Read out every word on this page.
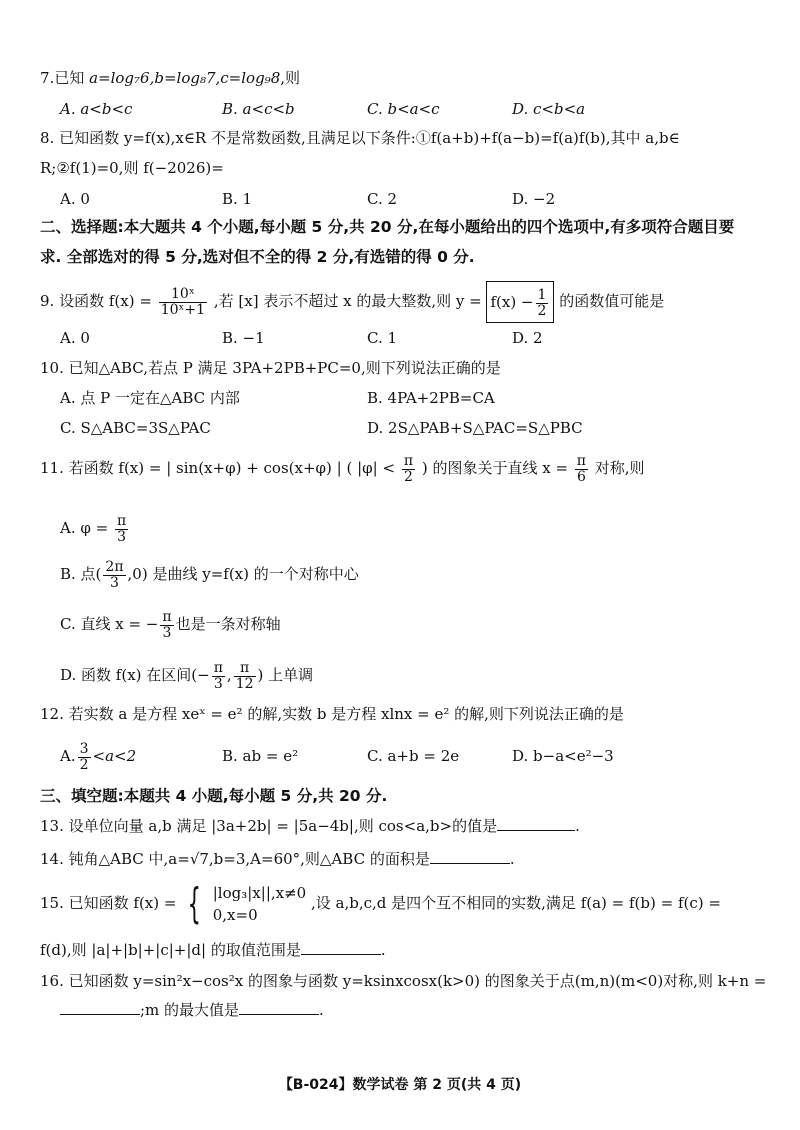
7.已知 a=log₇6,b=log₈7,c=log₉8,则
A. a<b<c	B. a<c<b	C. b<a<c	D. c<b<a
8. 已知函数 y=f(x),x∈R 不是常数函数,且满足以下条件:①f(a+b)+f(a−b)=f(a)f(b),其中 a,b∈
R;②f(1)=0,则 f(−2026)=
A. 0	B. 1	C. 2	D. −2
二、选择题:本大题共 4 个小题,每小题 5 分,共 20 分,在每小题给出的四个选项中,有多项符合题目要
求. 全部选对的得 5 分,选对但不全的得 2 分,有选错的得 0 分.
9. 设函数 $f(x) = \frac{\text{10ˣ}}{\text{10ˣ+1}}$ ,若 [x] 表示不超过 x 的最大整数,则 $y = f(x) - \frac{1}{2}$ 的函数值可能是
A. 0	B. −1	C. 1	D. 2
10. 已知△ABC,若点 P 满足 3PA+2PB+PC=0,则下列说法正确的是
A. 点 P 一定在△ABC 内部	B. 4PA+2PB=CA
C. S△ABC=3S△PAC	D. 2S△PAB+S△PAC=S△PBC
11. 若函数 f(x) = | sin(x+φ) + cos(x+φ) | ( $|\varphi| < \frac{\pi}{2}$ ) 的图象关于直线 $x = \frac{\pi}{6}$ 对称,则
A. $\varphi = \frac{\pi}{3}$
B. 点( $\frac{2\pi}{3} ,0$) 是曲线 y=f(x) 的一个对称中心
C. 直线 x = − $\frac{\pi}{3}$ 也是一条对称轴
D. 函数 f(x) 在区间(− $\frac{\pi}{3}$ , $\frac{\pi}{12}$ ) 上单调
12. 若实数 a 是方程 xeˣ = e² 的解,实数 b 是方程 xlnx = e² 的解,则下列说法正确的是
A. $\frac{3}{2} <a<2$	B. ab = e²	C. a+b = 2e	D. b−a<e²−3
三、填空题:本题共 4 小题,每小题 5 分,共 20 分.
13. 设单位向量 a,b 满足 |3a+2b| = |5a−4b|,则 cos<a,b>的值是	.
14. 钝角△ABC 中,a=√7,b=3,A=60°,则△ABC 的面积是	.
15. 已知函数 f(x) = { |log₃|x||,x≠0
0,x=0
,设 a,b,c,d 是四个互不相同的实数,满足 f(a) = f(b) = f(c) =
f(d),则 |a|+|b|+|c|+|d| 的取值范围是	.
16. 已知函数 y=sin²x−cos²x 的图象与函数 y=ksinxcosx(k>0) 的图象关于点(m,n)(m<0)对称,则 k+n =
;m 的最大值是	.
【B-024】数学试卷 第 2 页(共 4 页)
